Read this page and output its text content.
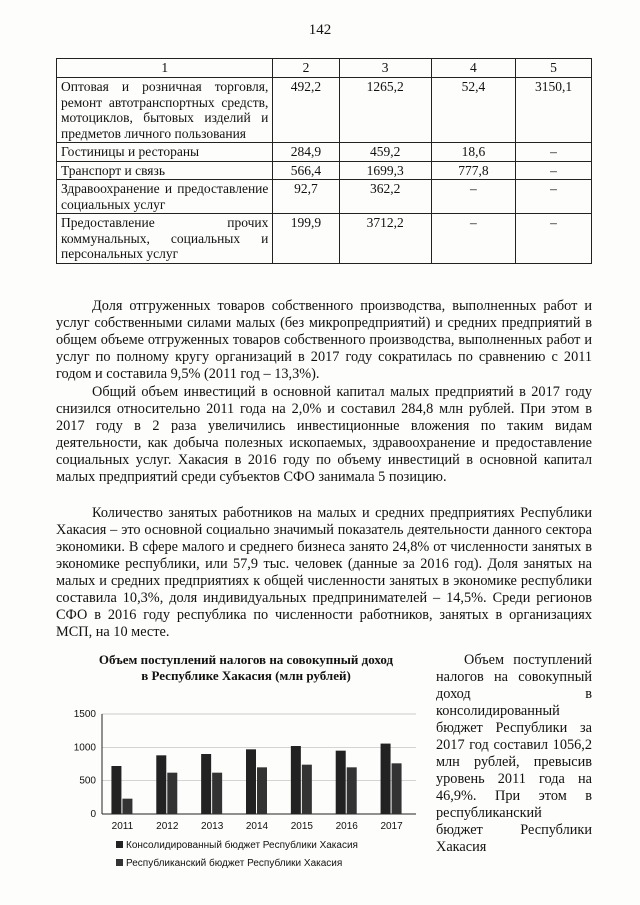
142
1	2	3	4	5
Оптовая и розничная торговля, ремонт автотранспортных средств, мотоциклов, бытовых изделий и предметов личного пользования	492,2	1265,2	52,4	3150,1
Гостиницы и рестораны	284,9	459,2	18,6	–
Транспорт и связь	566,4	1699,3	777,8	–
Здравоохранение и предоставление социальных услуг	92,7	362,2	–	–
Предоставление прочих коммунальных, социальных и персональных услуг	199,9	3712,2	–	–

Доля отгруженных товаров собственного производства, выполненных работ и услуг собственными силами малых (без микропредприятий) и средних предприятий в общем объеме отгруженных товаров собственного производства, выполненных работ и услуг по полному кругу организаций в 2017 году сократилась по сравнению с 2011 годом и составила 9,5% (2011 год – 13,3%).

Общий объем инвестиций в основной капитал малых предприятий в 2017 году снизился относительно 2011 года на 2,0% и составил 284,8 млн рублей. При этом в 2017 году в 2 раза увеличились инвестиционные вложения по таким видам деятельности, как добыча полезных ископаемых, здравоохранение и предоставление социальных услуг. Хакасия в 2016 году по объему инвестиций в основной капитал малых предприятий среди субъектов СФО занимала 5 позицию.

Количество занятых работников на малых и средних предприятиях Республики Хакасия – это основной социально значимый показатель деятельности данного сектора экономики. В сфере малого и среднего бизнеса занято 24,8% от численности занятых в экономике республики, или 57,9 тыс. человек (данные за 2016 год). Доля занятых на малых и средних предприятиях к общей численности занятых в экономике республики составила 10,3%, доля индивидуальных предпринимателей – 14,5%. Среди регионов СФО в 2016 году республика по численности работников, занятых в организациях МСП, на 10 месте.

Объем поступлений налогов на совокупный доход в Республике Хакасия (млн рублей)
0
500
1000
1500
2011 2012 2013 2014 2015 2016 2017
Консолидированный бюджет Республики Хакасия
Республиканский бюджет Республики Хакасия

Объем поступлений налогов на совокупный доход в консолидированный бюджет Республики за 2017 год составил 1056,2 млн рублей, превысив уровень 2011 года на 46,9%. При этом в республиканский бюджет Республики Хакасия
